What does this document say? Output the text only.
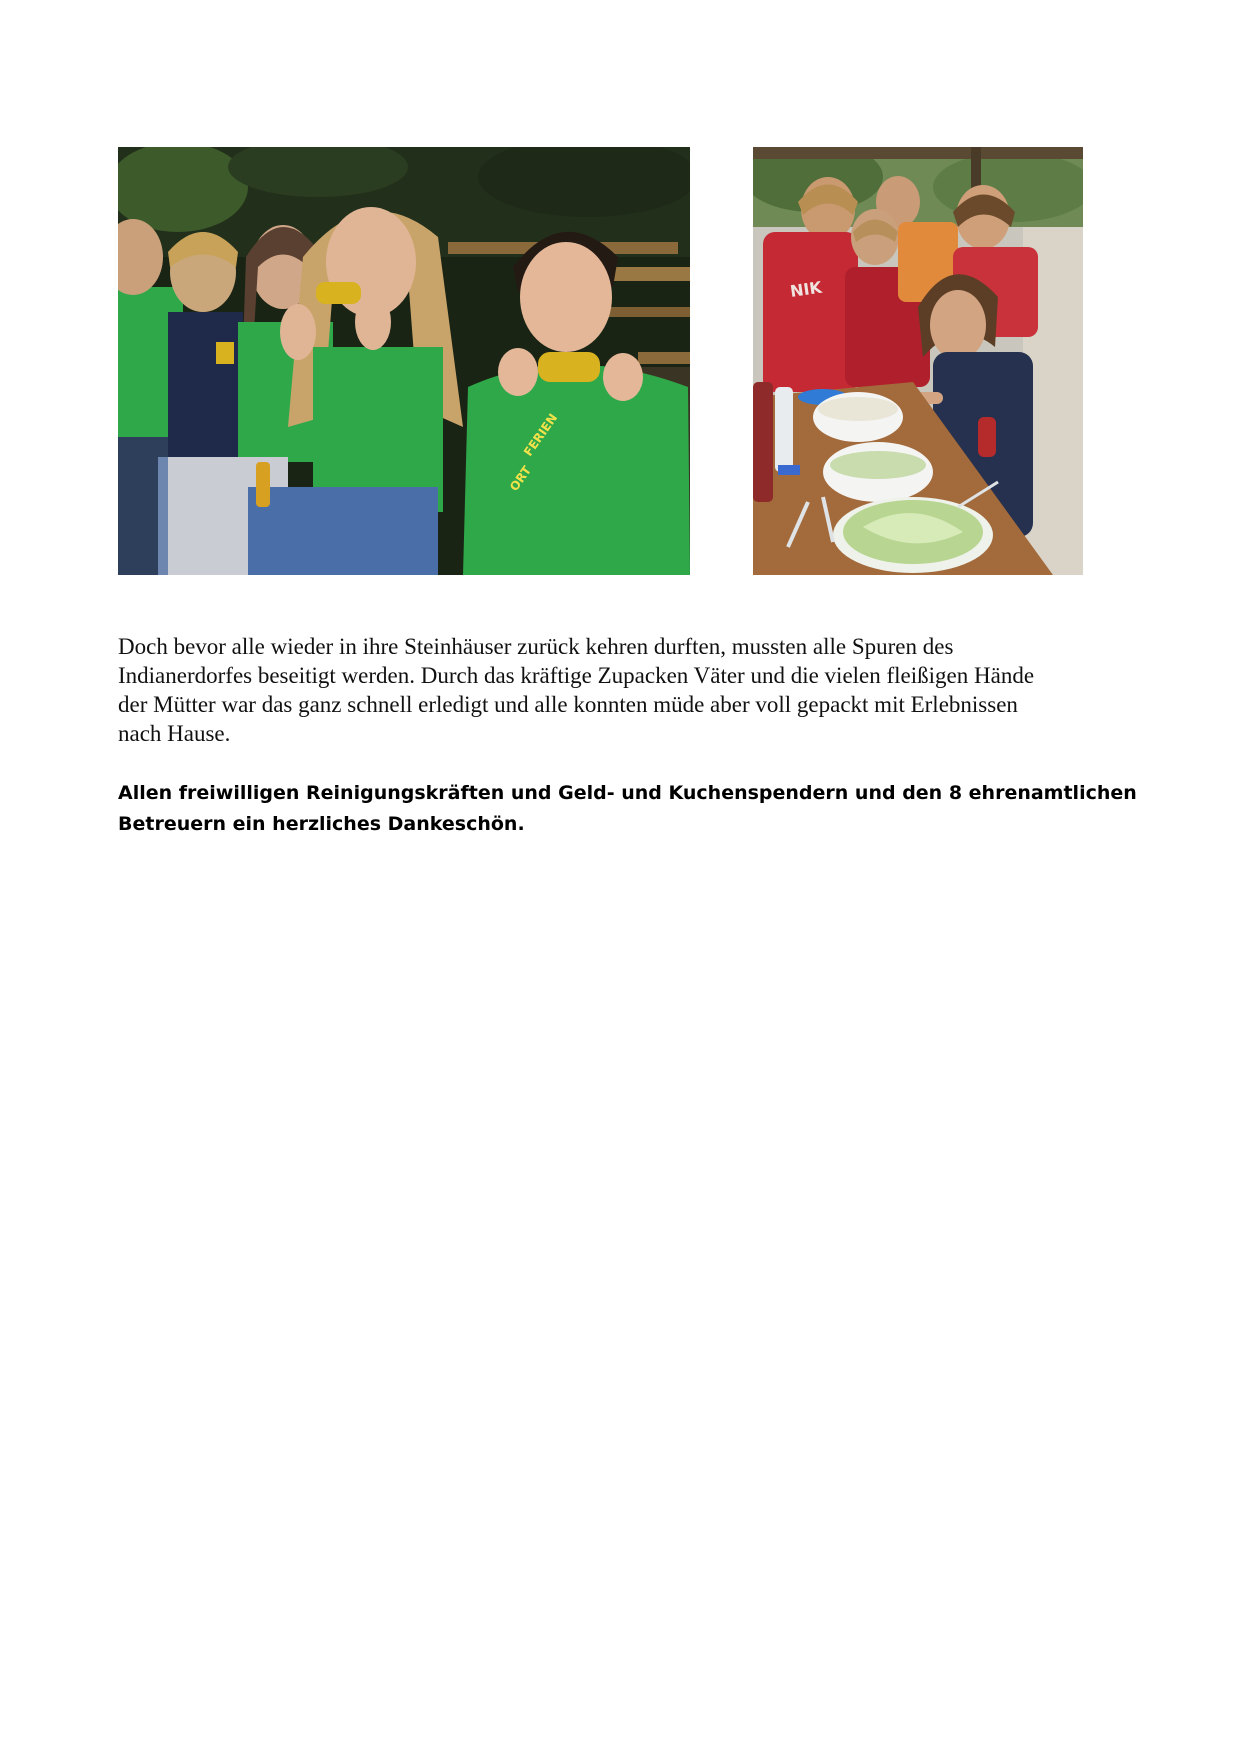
FERIEN
ORT
NIK

Doch bevor alle wieder in ihre Steinhäuser zurück kehren durften, mussten alle Spuren des
Indianerdorfes beseitigt werden. Durch das kräftige Zupacken Väter und die vielen fleißigen Hände
der Mütter war das ganz schnell erledigt und alle konnten müde aber voll gepackt mit Erlebnissen
nach Hause.

Allen freiwilligen Reinigungskräften und Geld- und Kuchenspendern und den 8 ehrenamtlichen
Betreuern ein herzliches Dankeschön.
